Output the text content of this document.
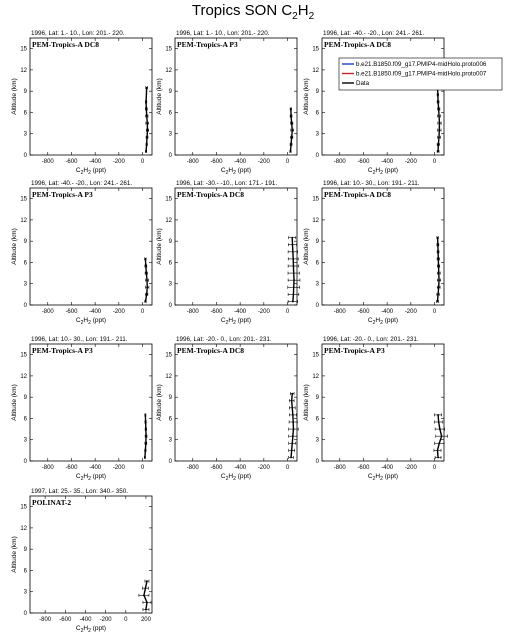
Tropics SON $C_2H_2$
1996, Lat: 1.- 10., Lon: 201.- 220.
PEM-Tropics-A DC8
0
3
6
9
12
15
-800 -600 -400 -200	0
Altitude (km)
$C_2H_2$ (ppt)
1996, Lat: 1.- 10., Lon: 201.- 220.
PEM-Tropics-A P3
0
3
6
9
12
15
-800 -600 -400 -200	0
Altitude (km)
$C_2H_2$ (ppt)
1996, Lat: -40.- -20., Lon: 241.- 261.
PEM-Tropics-A DC8
0
3
6
9
12
15
-800 -600 -400 -200	0
Altitude (km)
$C_2H_2$ (ppt)
1996, Lat: -40.- -20., Lon: 241.- 261.
PEM-Tropics-A P3
0
3
6
9
12
15
-800 -600 -400 -200	0
Altitude (km)
$C_2H_2$ (ppt)
1996, Lat: -30.- -10., Lon: 171.- 191.
PEM-Tropics-A DC8
0
3
6
9
12
15
-800 -600 -400 -200	0
Altitude (km)
$C_2H_2$ (ppt)
1996, Lat: 10.- 30., Lon: 191.- 211.
PEM-Tropics-A DC8
0
3
6
9
12
15
-800 -600 -400 -200	0
Altitude (km)
$C_2H_2$ (ppt)
1996, Lat: 10.- 30., Lon: 191.- 211.
PEM-Tropics-A P3
0
3
6
9
12
15
-800 -600 -400 -200	0
Altitude (km)
$C_2H_2$ (ppt)
1996, Lat: -20.- 0., Lon: 201.- 231.
PEM-Tropics-A DC8
0
3
6
9
12
15
-800 -600 -400 -200	0
Altitude (km)
$C_2H_2$ (ppt)
1996, Lat: -20.- 0., Lon: 201.- 231.
PEM-Tropics-A P3
0
3
6
9
12
15
-800 -600 -400 -200	0
Altitude (km)
$C_2H_2$ (ppt)
1997, Lat: 25.- 35., Lon: 340.- 350.
POLINAT-2
0
3
6
9
12
15
-800 -600 -400 -200 0 200
Altitude (km)
$C_2H_2$ (ppt)
b.e21.B1850.f09_g17.PMIP4-midHolo.proto006
b.e21.B1850.f09_g17.PMIP4-midHolo.proto007
Data
